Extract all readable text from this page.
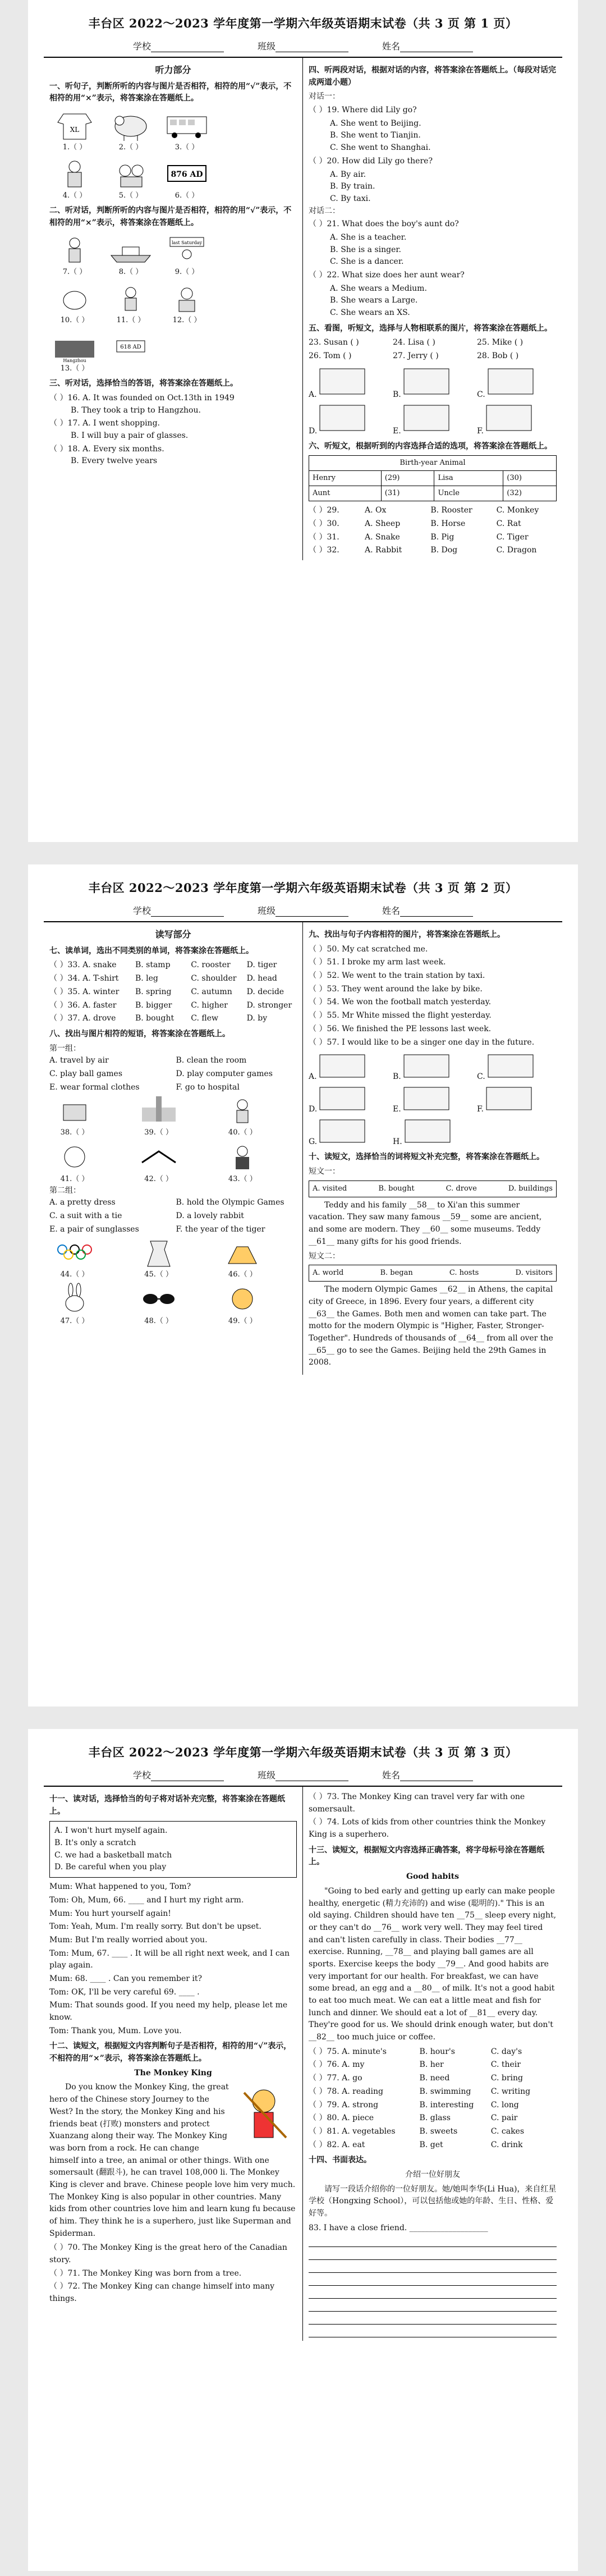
丰台区 2022～2023 学年度第一学期六年级英语期末试卷（共 3 页 第 1 页）
学校	班级	姓名
听力部分
一、听句子，判断所听的内容与图片是否相符，相符的用“√”表示，不相符的用“×”表示，将答案涂在答题纸上。
XL
1.（ ）	2.（ ）	3.（ ）
4.（ ）	5.（ ）
876 AD
6.（ ）
二、听对话，判断所听的内容与图片是否相符，相符的用“√”表示，不相符的用“×”表示，将答案涂在答题纸上。
7.（ ）	8.（ ）
last Saturday
9.（ ）
10.（ ）	11.（ ）	12.（ ）
Hangzhou
13.（ ）
618 AD
三、听对话，选择恰当的答语，将答案涂在答题纸上。
（ ）16. A. It was founded on Oct.13th in 1949
B. They took a trip to Hangzhou.
（ ）17. A. I went shopping.
B. I will buy a pair of glasses.
（ ）18. A. Every six months.
B. Every twelve years
四、听两段对话，根据对话的内容，将答案涂在答题纸上。（每段对话完成两道小题）
对话一：
（ ）19. Where did Lily go?
A. She went to Beijing.
B. She went to Tianjin.
C. She went to Shanghai.
（ ）20. How did Lily go there?
A. By air.
B. By train.
C. By taxi.
对话二：
（ ）21. What does the boy's aunt do?
A. She is a teacher.
B. She is a singer.
C. She is a dancer.
（ ）22. What size does her aunt wear?
A. She wears a Medium.
B. She wears a Large.
C. She wears an XS.
五、看图，听短文，选择与人物相联系的图片，将答案涂在答题纸上。
23. Susan ( )	24. Lisa ( )	25. Mike ( )
26. Tom ( )	27. Jerry ( )	28. Bob ( )
A.	B.	C.
D.	E.	F.
六、听短文，根据听到的内容选择合适的选项，将答案涂在答题纸上。
Birth-year Animal			
Henry	(29)	Lisa	(30)
Aunt	(31)	Uncle	(32)
（ ）29.	A. Ox	B. Rooster	C. Monkey
（ ）30.	A. Sheep	B. Horse	C. Rat
（ ）31.	A. Snake	B. Pig	C. Tiger
（ ）32.	A. Rabbit	B. Dog	C. Dragon
丰台区 2022～2023 学年度第一学期六年级英语期末试卷（共 3 页 第 2 页）
学校	班级	姓名
读写部分
七、读单词，选出不同类别的单词，将答案涂在答题纸上。
（ ）33. A. snake	B. stamp	C. rooster	D. tiger
（ ）34. A. T-shirt	B. leg	C. shoulder	D. head
（ ）35. A. winter	B. spring	C. autumn	D. decide
（ ）36. A. faster	B. bigger	C. higher	D. stronger
（ ）37. A. drove	B. bought	C. flew	D. by
八、找出与图片相符的短语，将答案涂在答题纸上。
第一组：
A. travel by air	B. clean the room
C. play ball games	D. play computer games
E. wear formal clothes	F. go to hospital
38.（ ）	39.（ ）	40.（ ）
41.（ ）	42.（ ）	43.（ ）
第二组：
A. a pretty dress	B. hold the Olympic Games
C. a suit with a tie	D. a lovely rabbit
E. a pair of sunglasses	F. the year of the tiger
44.（ ）	45.（ ）	46.（ ）
47.（ ）	48.（ ）	49.（ ）
九、找出与句子内容相符的图片，将答案涂在答题纸上。
（ ）50. My cat scratched me.
（ ）51. I broke my arm last week.
（ ）52. We went to the train station by taxi.
（ ）53. They went around the lake by bike.
（ ）54. We won the football match yesterday.
（ ）55. Mr White missed the flight yesterday.
（ ）56. We finished the PE lessons last week.
（ ）57. I would like to be a singer one day in the future.
A.	B.	C.
D.	E.	F.
G.	H.
十、读短文，选择恰当的词将短文补充完整，将答案涂在答题纸上。
短文一：
A. visited	B. bought	C. drove	D. buildings

Teddy and his family __58__ to Xi'an this summer vacation. They saw many famous __59__ some are ancient, and some are modern. They __60__ some museums. Teddy __61__ many gifts for his good friends.

短文二：
A. world	B. began	C. hosts	D. visitors

The modern Olympic Games __62__ in Athens, the capital city of Greece, in 1896. Every four years, a different city __63__ the Games. Both men and women can take part. The motto for the modern Olympic is "Higher, Faster, Stronger-Together". Hundreds of thousands of __64__ from all over the __65__ go to see the Games. Beijing held the 29th Games in 2008.

丰台区 2022～2023 学年度第一学期六年级英语期末试卷（共 3 页 第 3 页）
学校	班级	姓名
十一、读对话，选择恰当的句子将对话补充完整，将答案涂在答题纸上。
A. I won't hurt myself again.
B. It's only a scratch
C. we had a basketball match
D. Be careful when you play
Mum: What happened to you, Tom?
Tom: Oh, Mum, 66. ____ and I hurt my right arm.
Mum: You hurt yourself again!
Tom: Yeah, Mum. I'm really sorry. But don't be upset.
Mum: But I'm really worried about you.
Tom: Mum, 67. ____ . It will be all right next week, and I can play again.
Mum: 68. ____ . Can you remember it?
Tom: OK, I'll be very careful 69. ____ .
Mum: That sounds good. If you need my help, please let me know.
Tom: Thank you, Mum. Love you.
十二、读短文，根据短文内容判断句子是否相符，相符的用“√”表示，不相符的用“×”表示，将答案涂在答题纸上。
The Monkey King

Do you know the Monkey King, the great hero of the Chinese story Journey to the West? In the story, the Monkey King and his friends beat (打败) monsters and protect Xuanzang along their way. The Monkey King was born from a rock. He can change himself into a tree, an animal or other things. With one somersault (翻跟斗), he can travel 108,000 li. The Monkey King is clever and brave. Chinese people love him very much. The Monkey King is also popular in other countries. Many kids from other countries love him and learn kung fu because of him. They think he is a superhero, just like Superman and Spiderman.

（ ）70. The Monkey King is the great hero of the Canadian story.
（ ）71. The Monkey King was born from a tree.
（ ）72. The Monkey King can change himself into many things.
（ ）73. The Monkey King can travel very far with one somersault.
（ ）74. Lots of kids from other countries think the Monkey King is a superhero.
十三、读短文，根据短文内容选择正确答案，将字母标号涂在答题纸上。
Good habits

"Going to bed early and getting up early can make people healthy, energetic (精力充沛的) and wise (聪明的)." This is an old saying. Children should have ten __75__ sleep every night, or they can't do __76__ work very well. They may feel tired and can't listen carefully in class. Their bodies __77__ exercise. Running, __78__ and playing ball games are all sports. Exercise keeps the body __79__. And good habits are very important for our health. For breakfast, we can have some bread, an egg and a __80__ of milk. It's not a good habit to eat too much meat. We can eat a little meat and fish for lunch and dinner. We should eat a lot of __81__ every day. They're good for us. We should drink enough water, but don't __82__ too much juice or coffee.

（ ）75. A. minute's	B. hour's	C. day's
（ ）76. A. my	B. her	C. their
（ ）77. A. go	B. need	C. bring
（ ）78. A. reading	B. swimming	C. writing
（ ）79. A. strong	B. interesting	C. long
（ ）80. A. piece	B. glass	C. pair
（ ）81. A. vegetables	B. sweets	C. cakes
（ ）82. A. eat	B. get	C. drink
十四、书面表达。
介绍一位好朋友

请写一段话介绍你的一位好朋友。她/她叫李华(Li Hua)，来自红星学校（Hongxing School），可以包括他或她的年龄、生日、性格、爱好等。

83. I have a close friend. ____________________
